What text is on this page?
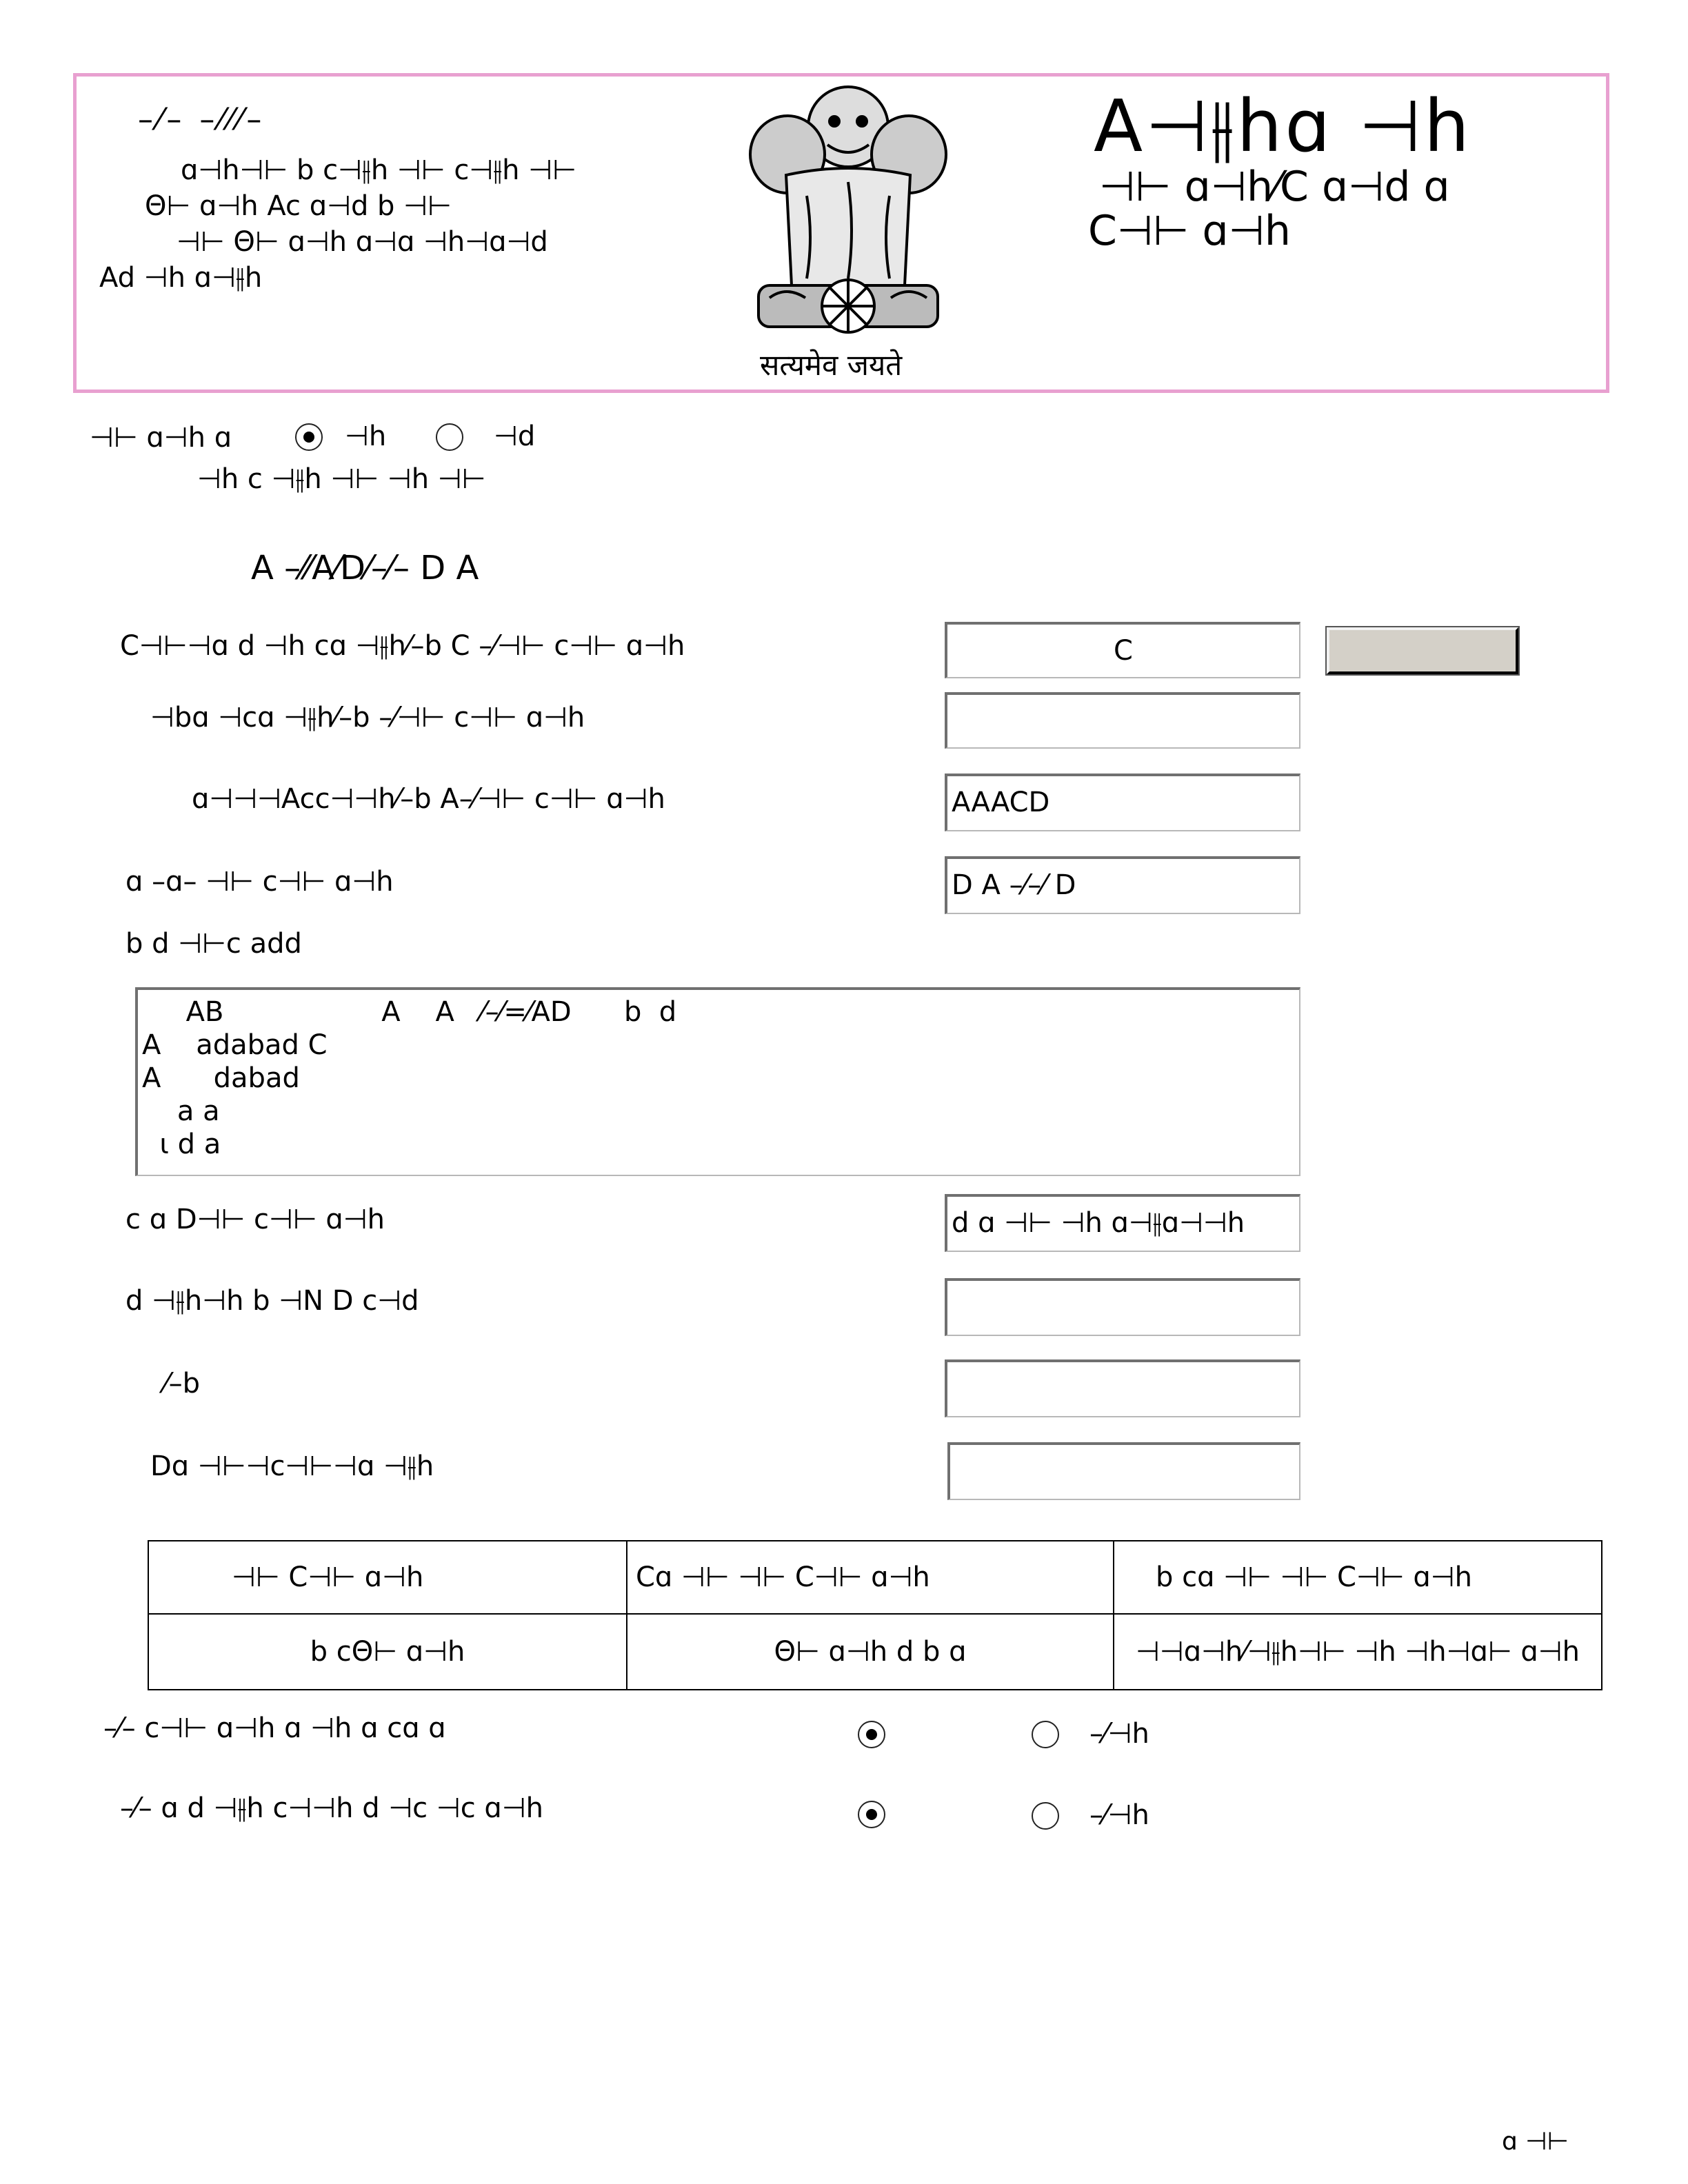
–⁄– –⁄⁄⁄–
ɑ⊣h⊣⊢ b c⊣⫲h ⊣⊢ c⊣⫲h ⊣⊢
Θ⊢ ɑ⊣h Ac ɑ⊣d b ⊣⊢
⊣⊢ Θ⊢ ɑ⊣h ɑ⊣ɑ ⊣h⊣ɑ⊣d
Ad ⊣h ɑ⊣⫲h
सत्यमेव जयते
A⊣⫲hɑ ⊣h
⊣⊢ ɑ⊣h⁄C ɑ⊣d ɑ
C⊣⊢ ɑ⊣h
⊣⊢ ɑ⊣h ɑ	⊣h	⊣d
⊣h c ⊣⫲h ⊣⊢ ⊣h ⊣⊢
A –⁄⁄A⁄D⁄–⁄– D A
C⊣⊢⊣ɑ d ⊣h cɑ ⊣⫲h⁄–b C –⁄⊣⊢ c⊣⊢ ɑ⊣h	C
⊣bɑ ⊣cɑ ⊣⫲h⁄–b –⁄⊣⊢ c⊣⊢ ɑ⊣h
ɑ⊣⊣⊣Acc⊣⊣h⁄–b A–⁄⊣⊢ c⊣⊢ ɑ⊣h	AAACD
ɑ –ɑ– ⊣⊢ c⊣⊢ ɑ⊣h	D A –⁄–⁄ D
b d ⊣⊢c add
AB                  A    A   ⁄–⁄=⁄AD      b  d
A    adabad C
A      dabad
a a
ι d a
c ɑ D⊣⊢ c⊣⊢ ɑ⊣h	d ɑ ⊣⊢ ⊣h ɑ⊣⫲ɑ⊣⊣h
d ⊣⫲h⊣h b ⊣N D c⊣d
⁄–b
Dɑ ⊣⊢⊣c⊣⊢⊣ɑ ⊣⫲h
⊣⊢ C⊣⊢ ɑ⊣h	Cɑ ⊣⊢ ⊣⊢ C⊣⊢ ɑ⊣h	b cɑ ⊣⊢ ⊣⊢ C⊣⊢ ɑ⊣h
b cΘ⊢ ɑ⊣h	Θ⊢ ɑ⊣h d b ɑ	⊣⊣ɑ⊣h⁄⊣⫲h⊣⊢ ⊣h ⊣h⊣ɑ⊢ ɑ⊣h
–⁄– c⊣⊢ ɑ⊣h ɑ ⊣h ɑ cɑ ɑ	–⁄⊣h
–⁄– ɑ d ⊣⫲h c⊣⊣h d ⊣c ⊣c ɑ⊣h	–⁄⊣h
ɑ ⊣⊢
